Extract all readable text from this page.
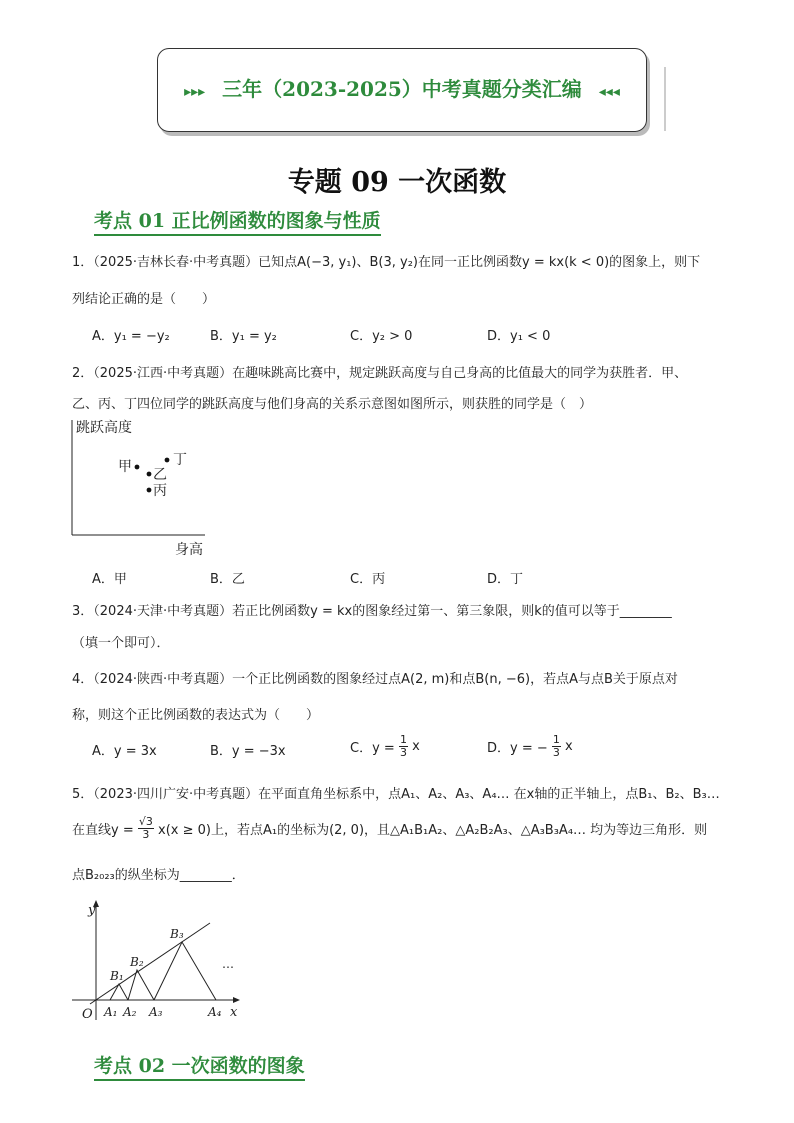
▸▸▸ 三年（2023-2025）中考真题分类汇编 ◂◂◂
专题 09 一次函数
考点 01 正比例函数的图象与性质
1．（2025·吉林长春·中考真题）已知点A(−3, y₁)、B(3, y₂)在同一正比例函数y = kx(k < 0)的图象上，则下
列结论正确的是（　　）
A．y₁ = −y₂	B．y₁ = y₂	C．y₂ > 0	D．y₁ < 0
2．（2025·江西·中考真题）在趣味跳高比赛中，规定跳跃高度与自己身高的比值最大的同学为获胜者．甲、
乙、丙、丁四位同学的跳跃高度与他们身高的关系示意图如图所示，则获胜的同学是（　）
跳跃高度
身高
甲 乙
丙
丁
A．甲	B．乙	C．丙	D．丁
3．（2024·天津·中考真题）若正比例函数y = kx的图象经过第一、第三象限，则k的值可以等于________
（填一个即可）．
4．（2024·陕西·中考真题）一个正比例函数的图象经过点A(2, m)和点B(n, −6)，若点A与点B关于原点对
称，则这个正比例函数的表达式为（　　）
A．y = 3x	B．y = −3x	C．$y = \frac{1}{3}$ x	D．y = − $\frac{1}{3}$ x
5．（2023·四川广安·中考真题）在平面直角坐标系中，点A₁、A₂、A₃、A₄… 在x轴的正半轴上，点B₁、B₂、B₃…
在直线$y = \frac{√3}{3} x(x \ge 0)$上，若点A₁的坐标为(2, 0)，且△A₁B₁A₂、△A₂B₂A₃、△A₃B₃A₄… 均为等边三角形．则
点B₂₀₂₃的纵坐标为________．
y
x
O A₁ A₂ A₃	A₄
B₁
B₂
B₃
…
考点 02 一次函数的图象
